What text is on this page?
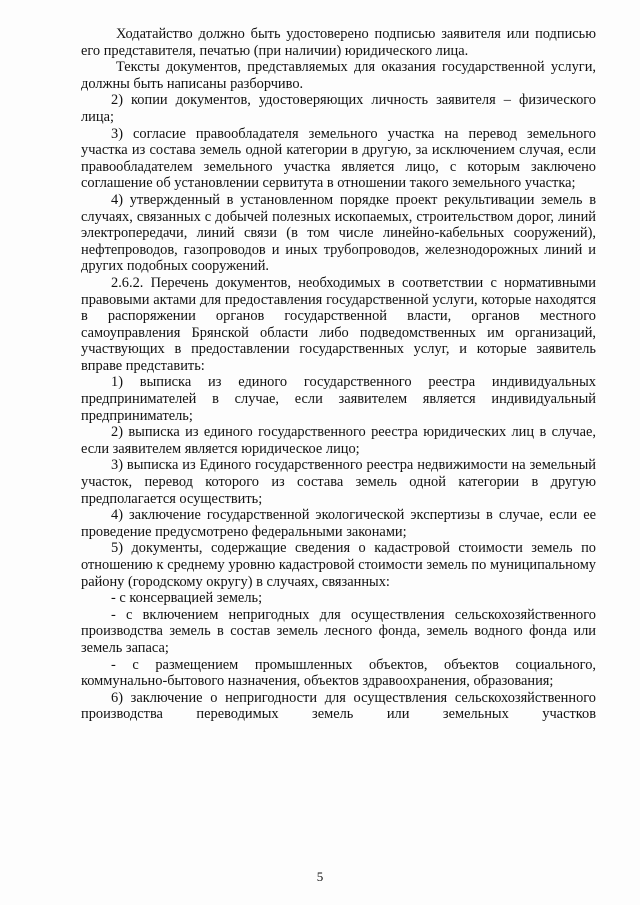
Ходатайство должно быть удостоверено подписью заявителя или подписью его представителя, печатью (при наличии) юридического лица.

Тексты документов, представляемых для оказания государственной услуги, должны быть написаны разборчиво.

2) копии документов, удостоверяющих личность заявителя – физического лица;

3) согласие правообладателя земельного участка на перевод земельного участка из состава земель одной категории в другую, за исключением случая, если правообладателем земельного участка является лицо, с которым заключено соглашение об установлении сервитута в отношении такого земельного участка;

4) утвержденный в установленном порядке проект рекультивации земель в случаях, связанных с добычей полезных ископаемых, строительством дорог, линий электропередачи, линий связи (в том числе линейно-кабельных сооружений), нефтепроводов, газопроводов и иных трубопроводов, железнодорожных линий и других подобных сооружений.

2.6.2. Перечень документов, необходимых в соответствии с нормативными правовыми актами для предоставления государственной услуги, которые находятся в распоряжении органов государственной власти, органов местного самоуправления Брянской области либо подведомственных им организаций, участвующих в предоставлении государственных услуг, и которые заявитель вправе представить:

1) выписка из единого государственного реестра индивидуальных предпринимателей в случае, если заявителем является индивидуальный предприниматель;

2) выписка из единого государственного реестра юридических лиц в случае, если заявителем является юридическое лицо;

3) выписка из Единого государственного реестра недвижимости на земельный участок, перевод которого из состава земель одной категории в другую предполагается осуществить;

4) заключение государственной экологической экспертизы в случае, если ее проведение предусмотрено федеральными законами;

5) документы, содержащие сведения о кадастровой стоимости земель по отношению к среднему уровню кадастровой стоимости земель по муниципальному району (городскому округу) в случаях, связанных:

- с консервацией земель;

- с включением непригодных для осуществления сельскохозяйственного производства земель в состав земель лесного фонда, земель водного фонда или земель запаса;

- с размещением промышленных объектов, объектов социального, коммунально-бытового назначения, объектов здравоохранения, образования;

6) заключение о непригодности для осуществления сельскохозяйственного производства переводимых земель или земельных участков

5
